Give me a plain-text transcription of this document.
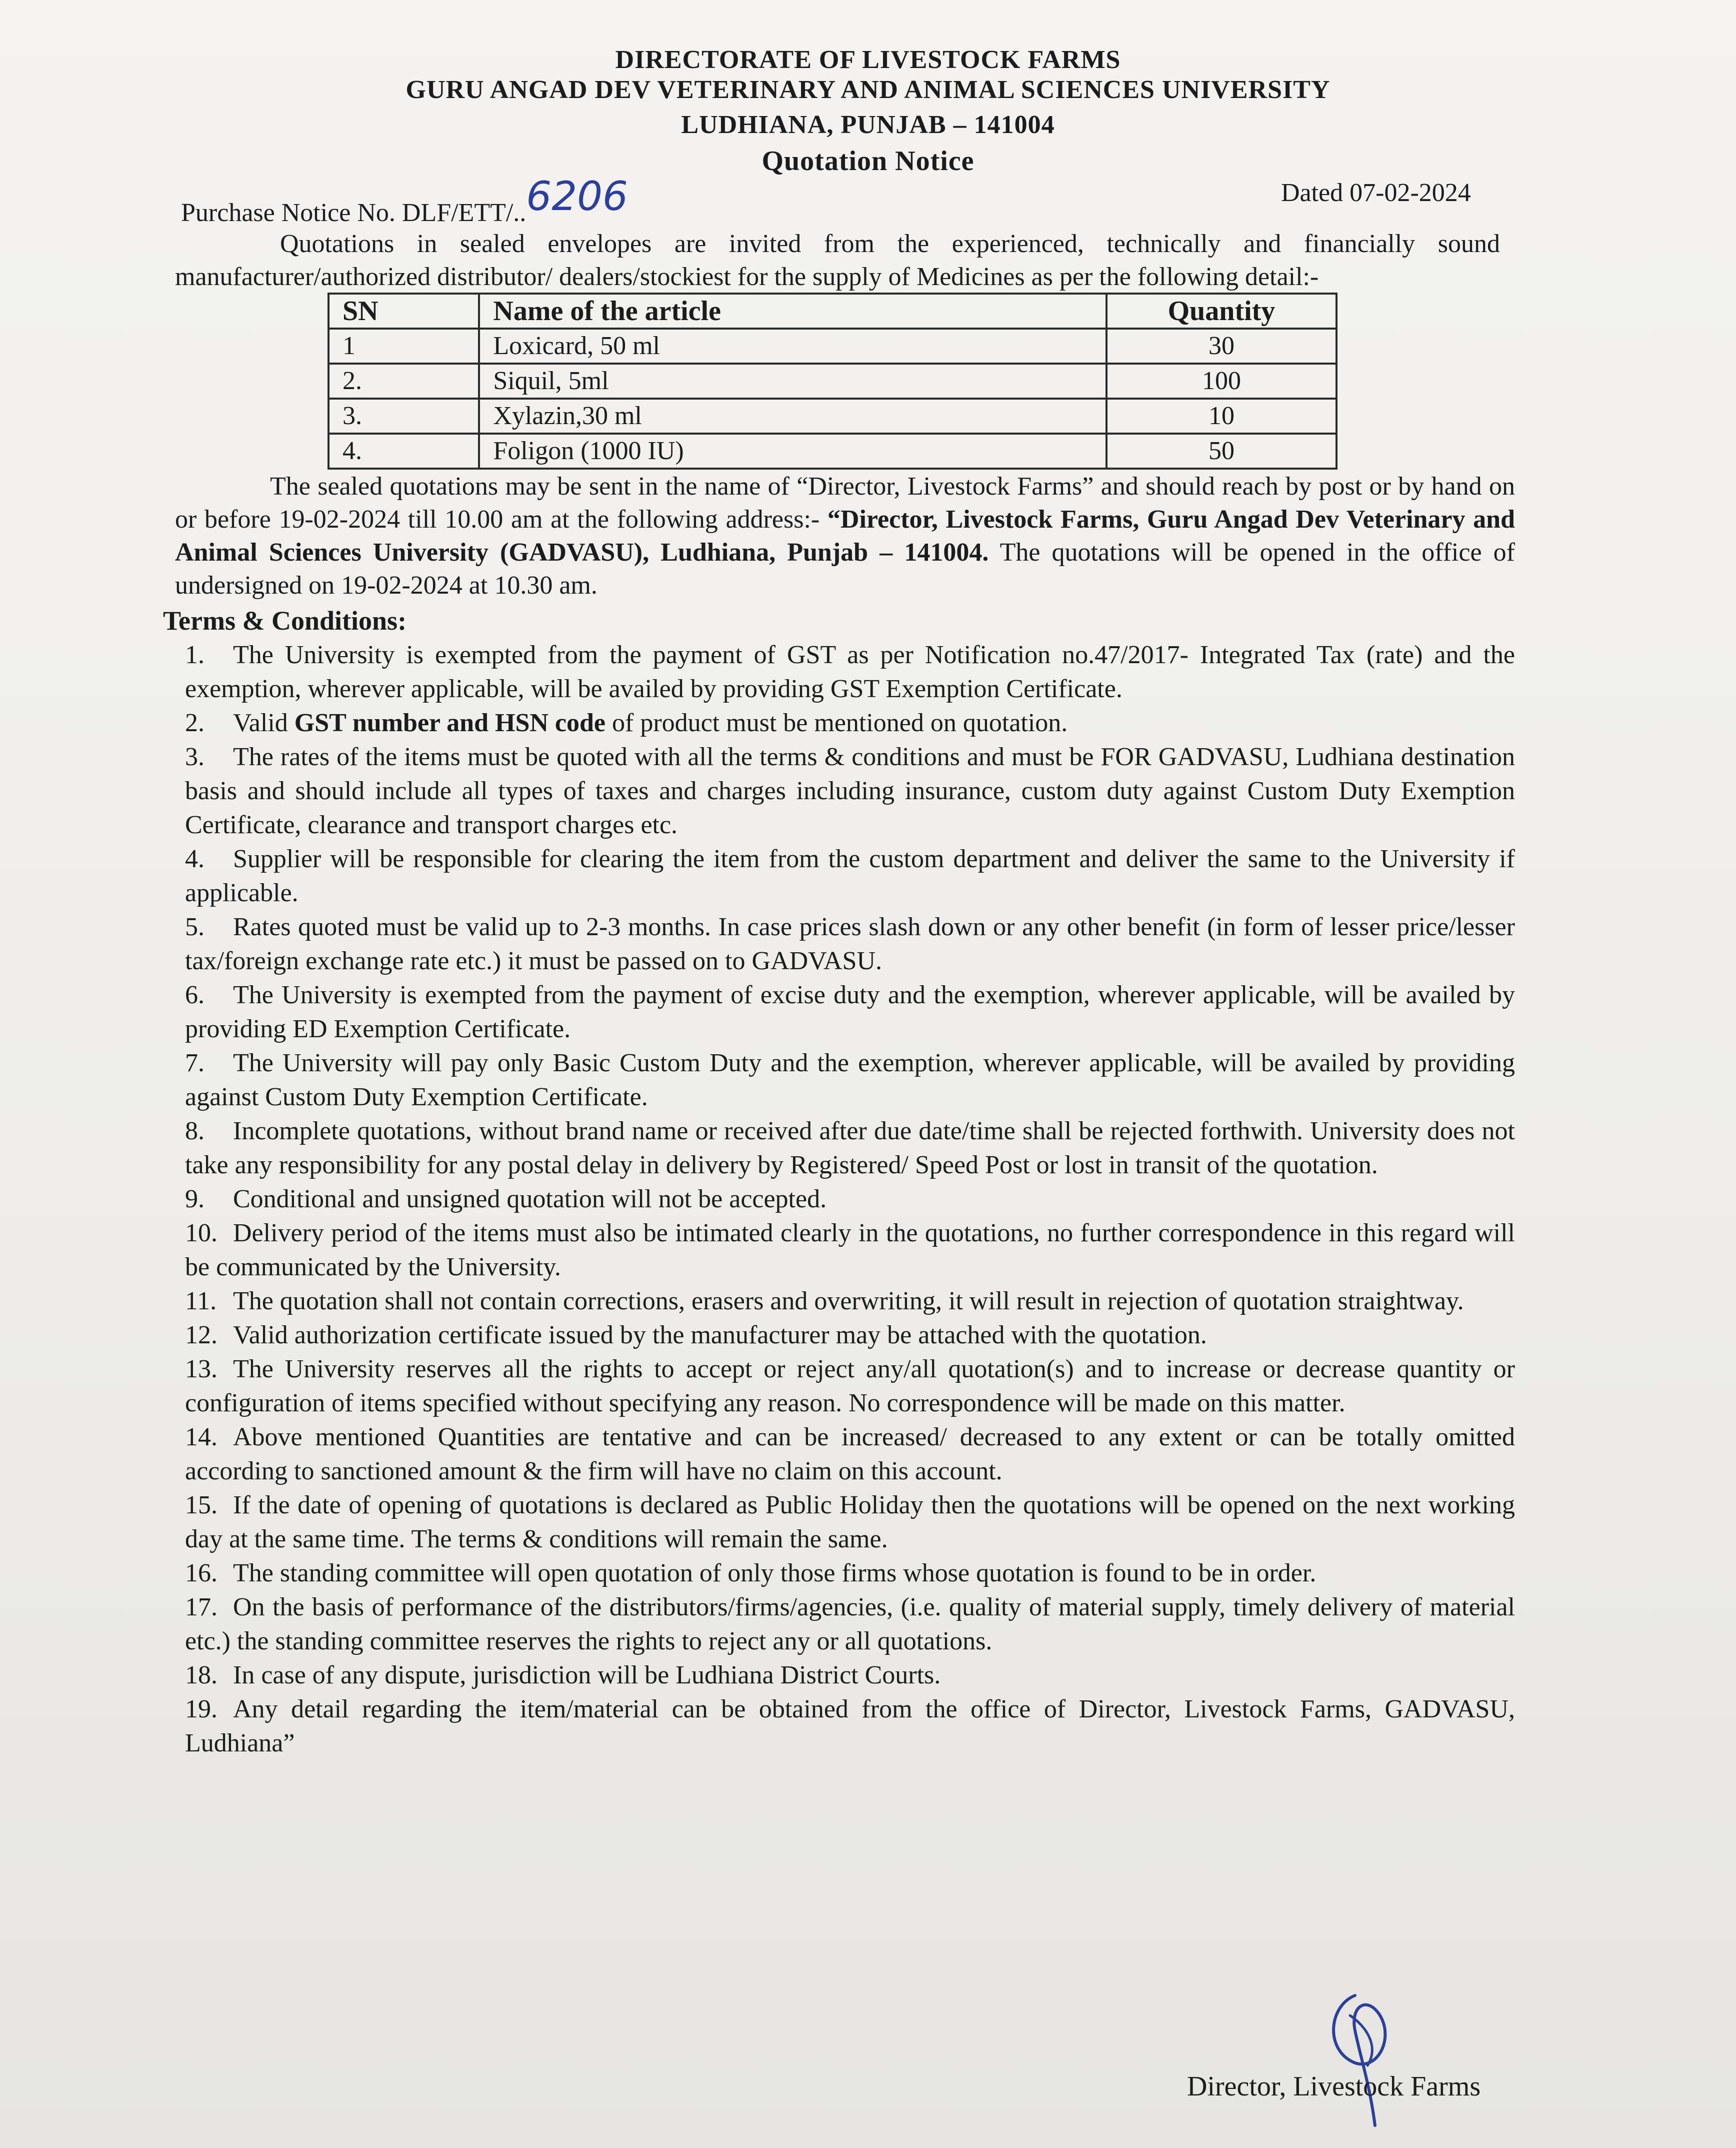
DIRECTORATE OF LIVESTOCK FARMS
GURU ANGAD DEV VETERINARY AND ANIMAL SCIENCES UNIVERSITY
LUDHIANA, PUNJAB – 141004
Quotation Notice
Purchase Notice No. DLF/ETT/..6206	Dated 07-02-2024
Quotations in sealed envelopes are invited from the experienced, technically and financially sound manufacturer/authorized distributor/ dealers/stockiest for the supply of Medicines as per the following detail:-
SN	Name of the article	Quantity
1	Loxicard, 50 ml	30
2.	Siquil, 5ml	100
3.	Xylazin,30 ml	10
4.	Foligon (1000 IU)	50
The sealed quotations may be sent in the name of “Director, Livestock Farms” and should reach by post or by hand on or before 19-02-2024 till 10.00 am at the following address:- “Director, Livestock Farms, Guru Angad Dev Veterinary and Animal Sciences University (GADVASU), Ludhiana, Punjab – 141004. The quotations will be opened in the office of undersigned on 19-02-2024 at 10.30 am.
Terms & Conditions:
1. The University is exempted from the payment of GST as per Notification no.47/2017- Integrated Tax (rate) and the exemption, wherever applicable, will be availed by providing GST Exemption Certificate.
2. Valid GST number and HSN code of product must be mentioned on quotation.
3. The rates of the items must be quoted with all the terms & conditions and must be FOR GADVASU, Ludhiana destination basis and should include all types of taxes and charges including insurance, custom duty against Custom Duty Exemption Certificate, clearance and transport charges etc.
4. Supplier will be responsible for clearing the item from the custom department and deliver the same to the University if applicable.
5. Rates quoted must be valid up to 2-3 months. In case prices slash down or any other benefit (in form of lesser price/lesser tax/foreign exchange rate etc.) it must be passed on to GADVASU.
6. The University is exempted from the payment of excise duty and the exemption, wherever applicable, will be availed by providing ED Exemption Certificate.
7. The University will pay only Basic Custom Duty and the exemption, wherever applicable, will be availed by providing against Custom Duty Exemption Certificate.
8. Incomplete quotations, without brand name or received after due date/time shall be rejected forthwith. University does not take any responsibility for any postal delay in delivery by Registered/ Speed Post or lost in transit of the quotation.
9. Conditional and unsigned quotation will not be accepted.
10. Delivery period of the items must also be intimated clearly in the quotations, no further correspondence in this regard will be communicated by the University.
11. The quotation shall not contain corrections, erasers and overwriting, it will result in rejection of quotation straightway.
12. Valid authorization certificate issued by the manufacturer may be attached with the quotation.
13. The University reserves all the rights to accept or reject any/all quotation(s) and to increase or decrease quantity or configuration of items specified without specifying any reason. No correspondence will be made on this matter.
14. Above mentioned Quantities are tentative and can be increased/ decreased to any extent or can be totally omitted according to sanctioned amount & the firm will have no claim on this account.
15. If the date of opening of quotations is declared as Public Holiday then the quotations will be opened on the next working day at the same time. The terms & conditions will remain the same.
16. The standing committee will open quotation of only those firms whose quotation is found to be in order.
17. On the basis of performance of the distributors/firms/agencies, (i.e. quality of material supply, timely delivery of material etc.) the standing committee reserves the rights to reject any or all quotations.
18. In case of any dispute, jurisdiction will be Ludhiana District Courts.
19. Any detail regarding the item/material can be obtained from the office of Director, Livestock Farms, GADVASU, Ludhiana”
Director, Livestock Farms
